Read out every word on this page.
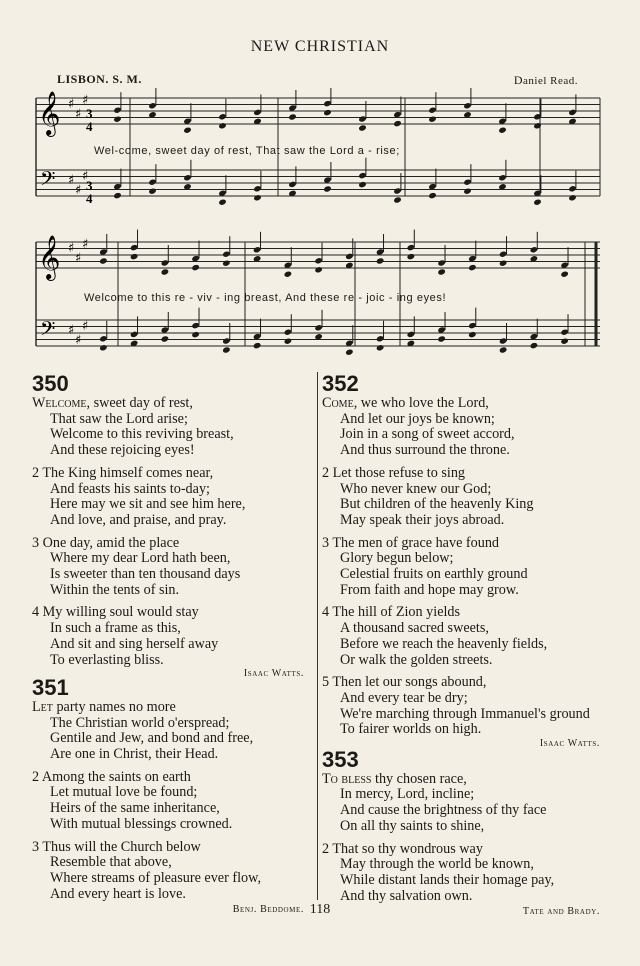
NEW CHRISTIAN
LISBON. S. M.	Daniel Read.
𝄞
𝄢
♯
♯
♯
♯
♯
♯
3
4
3
4
Wel-come, sweet day of rest, That saw the Lord a - rise;
𝄞
𝄢
♯
♯
♯
♯
♯
♯
Welcome to this re - viv - ing breast, And these re - joic - ing eyes!
350
Welcome, sweet day of rest,
That saw the Lord arise;
Welcome to this reviving breast,
And these rejoicing eyes!
2 The King himself comes near,
And feasts his saints to-day;
Here may we sit and see him here,
And love, and praise, and pray.
3 One day, amid the place
Where my dear Lord hath been,
Is sweeter than ten thousand days
Within the tents of sin.
4 My willing soul would stay
In such a frame as this,
And sit and sing herself away
To everlasting bliss.
Isaac Watts.
351
Let party names no more
The Christian world o'erspread;
Gentile and Jew, and bond and free,
Are one in Christ, their Head.
2 Among the saints on earth
Let mutual love be found;
Heirs of the same inheritance,
With mutual blessings crowned.
3 Thus will the Church below
Resemble that above,
Where streams of pleasure ever flow,
And every heart is love.
Benj. Beddome.
352
Come, we who love the Lord,
And let our joys be known;
Join in a song of sweet accord,
And thus surround the throne.
2 Let those refuse to sing
Who never knew our God;
But children of the heavenly King
May speak their joys abroad.
3 The men of grace have found
Glory begun below;
Celestial fruits on earthly ground
From faith and hope may grow.
4 The hill of Zion yields
A thousand sacred sweets,
Before we reach the heavenly fields,
Or walk the golden streets.
5 Then let our songs abound,
And every tear be dry;
We're marching through Immanuel's ground
To fairer worlds on high.
Isaac Watts.
353
To bless thy chosen race,
In mercy, Lord, incline;
And cause the brightness of thy face
On all thy saints to shine,
2 That so thy wondrous way
May through the world be known,
While distant lands their homage pay,
And thy salvation own.
Tate and Brady.
118
